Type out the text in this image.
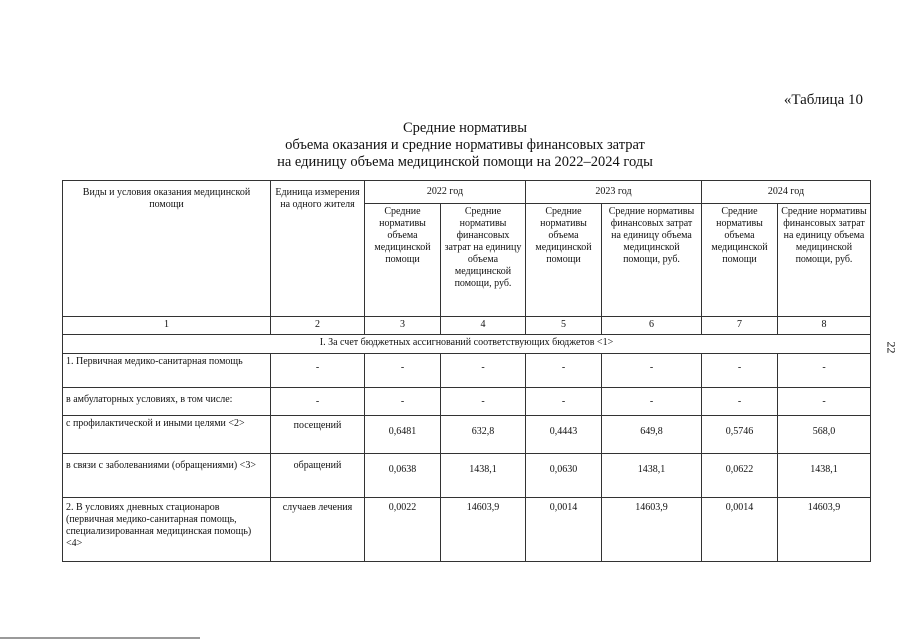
«Таблица 10
Средние нормативы
объема оказания и средние нормативы финансовых затрат
на единицу объема медицинской помощи на 2022–2024 годы
22
Виды и условия оказания медицинской помощи	Единица измерения на одного жителя	2022 год		2023 год		2024 год	
		Средние нормативы объема медицинской помощи	Средние нормативы финансовых затрат на единицу объема медицинской помощи, руб.	Средние нормативы объема медицинской помощи	Средние нормативы финансовых затрат на единицу объема медицинской помощи, руб.	Средние нормативы объема медицинской помощи	Средние нормативы финансовых затрат на единицу объема медицинской помощи, руб.
1	2	3	4	5	6	7	8
I. За счет бюджетных ассигнований соответствующих бюджетов <1>							
1. Первичная медико-санитарная помощь	-	-	-	-	-	-	-
в амбулаторных условиях, в том числе:	-	-	-	-	-	-	-
с профилактической и иными целями <2>	посещений	0,6481	632,8	0,4443	649,8	0,5746	568,0
в связи с заболеваниями (обращениями) <3>	обращений	0,0638	1438,1	0,0630	1438,1	0,0622	1438,1
2. В условиях дневных стационаров (первичная медико-санитарная помощь, специализированная медицинская помощь) <4>	случаев лечения	0,0022	14603,9	0,0014	14603,9	0,0014	14603,9
